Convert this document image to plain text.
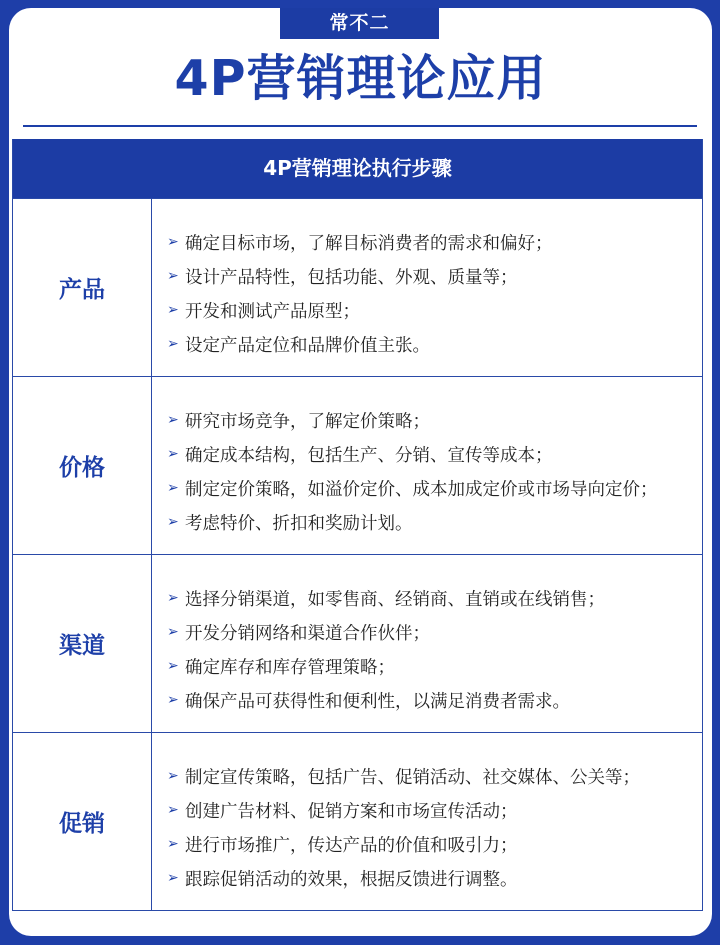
常不二
4P营销理论应用
4P营销理论执行步骤
产品
➢ 确定目标市场，了解目标消费者的需求和偏好；
➢ 设计产品特性，包括功能、外观、质量等；
➢ 开发和测试产品原型；
➢ 设定产品定位和品牌价值主张。
价格
➢ 研究市场竞争，了解定价策略；
➢ 确定成本结构，包括生产、分销、宣传等成本；
➢ 制定定价策略，如溢价定价、成本加成定价或市场导向定价；
➢ 考虑特价、折扣和奖励计划。
渠道
➢ 选择分销渠道，如零售商、经销商、直销或在线销售；
➢ 开发分销网络和渠道合作伙伴；
➢ 确定库存和库存管理策略；
➢ 确保产品可获得性和便利性，以满足消费者需求。
促销
➢ 制定宣传策略，包括广告、促销活动、社交媒体、公关等；
➢ 创建广告材料、促销方案和市场宣传活动；
➢ 进行市场推广，传达产品的价值和吸引力；
➢ 跟踪促销活动的效果，根据反馈进行调整。
